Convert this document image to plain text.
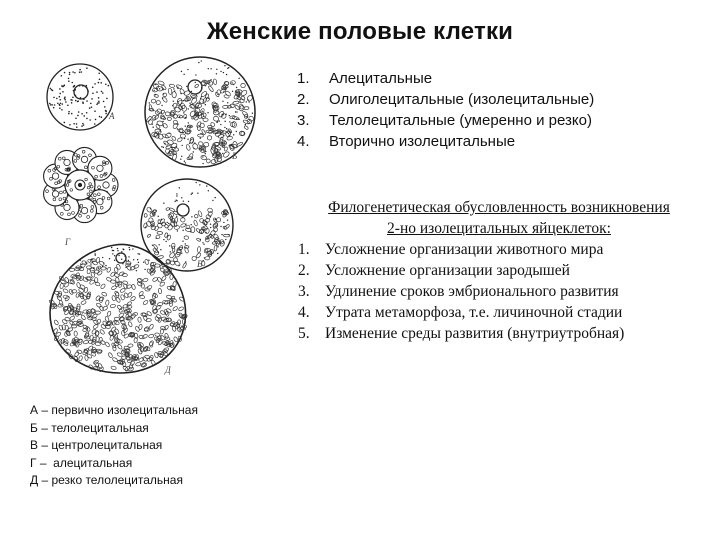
Женские половые клетки
1.	Алецитальные
2.	Олиголецитальные (изолецитальные)
3.	Телолецитальные (умеренно и резко)
4.	Вторично изолецитальные
Филогенетическая обусловленность возникновения
2-но изолецитальных яйцеклеток:
1. Усложнение организации животного мира
2. Усложнение организации зародышей
3. Удлинение сроков эмбрионального развития
4. Утрата метаморфоза, т.е. личиночной стадии
5. Изменение среды развития (внутриутробная)
А
Б
Г
В
Д
А – первично изолецитальная
Б – телолецитальная
В – центролецитальная
Г –  алецитальная
Д – резко телолецитальная
